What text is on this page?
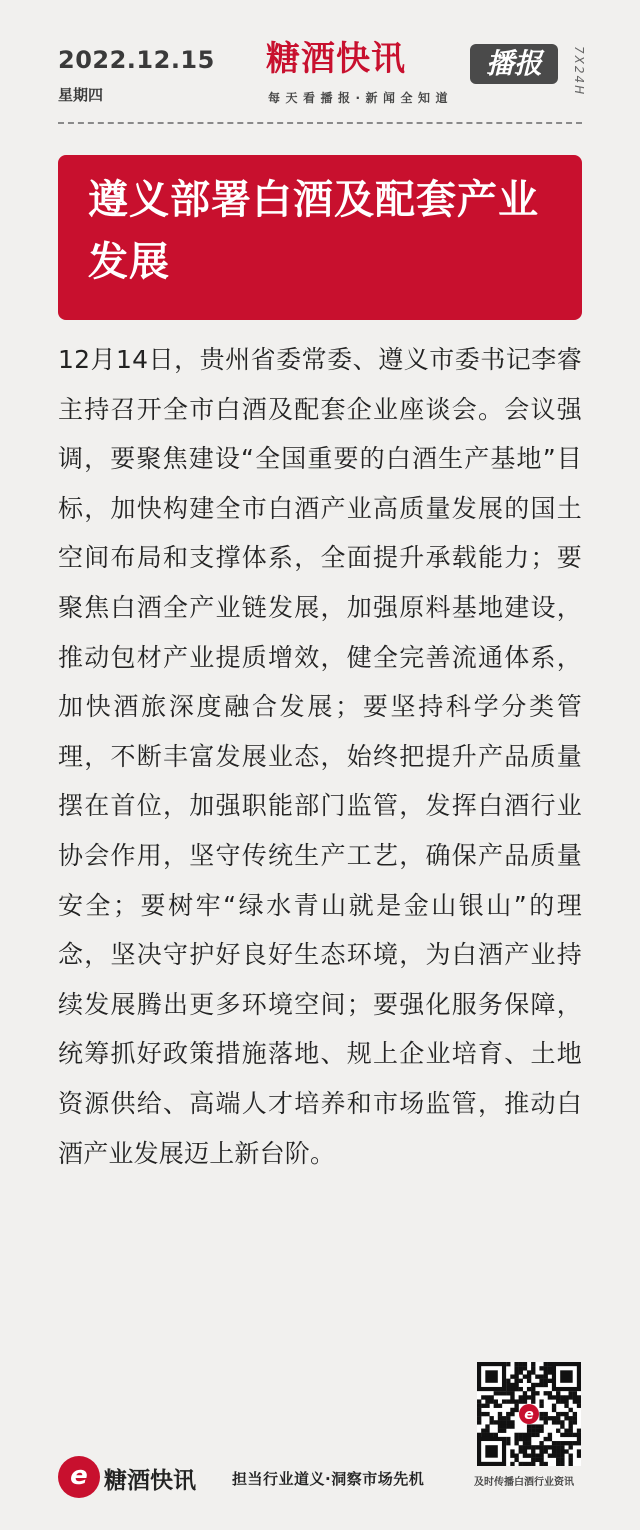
2022.12.15
星期四
糖酒快讯	播报
每天看播报·新闻全知道
7X24H
遵义部署白酒及配套产业发展

12月14日，贵州省委常委、遵义市委书记李睿主持召开全市白酒及配套企业座谈会。会议强调，要聚焦建设“全国重要的白酒生产基地”目标，加快构建全市白酒产业高质量发展的国土空间布局和支撑体系，全面提升承载能力；要聚焦白酒全产业链发展，加强原料基地建设，推动包材产业提质增效，健全完善流通体系，加快酒旅深度融合发展；要坚持科学分类管理，不断丰富发展业态，始终把提升产品质量摆在首位，加强职能部门监管，发挥白酒行业协会作用，坚守传统生产工艺，确保产品质量安全；要树牢“绿水青山就是金山银山”的理念，坚决守护好良好生态环境，为白酒产业持续发展腾出更多环境空间；要强化服务保障，统筹抓好政策措施落地、规上企业培育、土地资源供给、高端人才培养和市场监管，推动白酒产业发展迈上新台阶。

e
及时传播白酒行业资讯
e 糖酒快讯 担当行业道义·洞察市场先机
